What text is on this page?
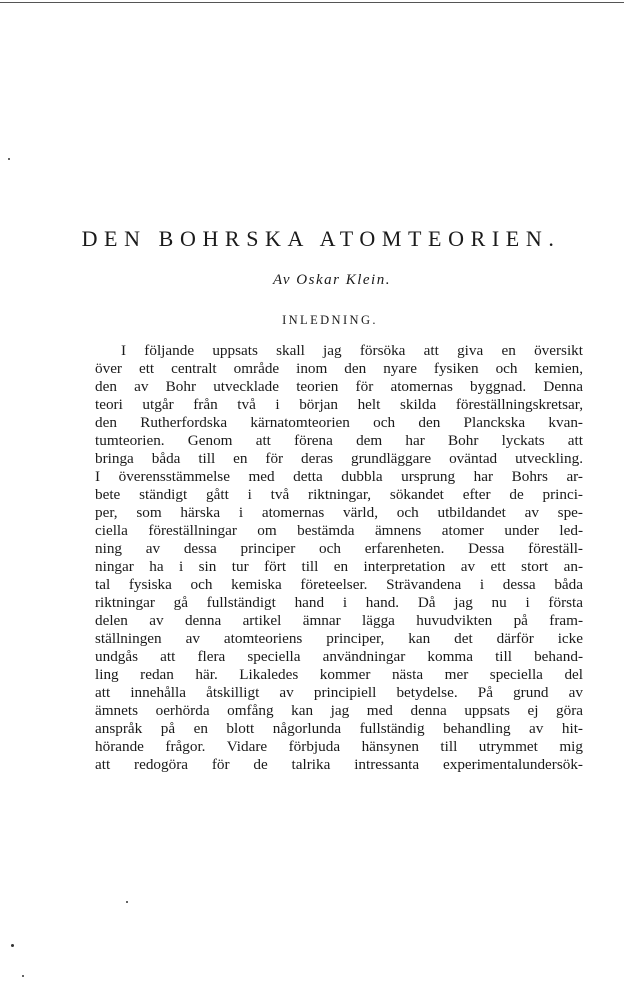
DEN BOHRSKA ATOMTEORIEN.
Av Oskar Klein.
INLEDNING.
I följande uppsats skall jag försöka att giva en översikt
över ett centralt område inom den nyare fysiken och kemien,
den av Bohr utvecklade teorien för atomernas byggnad. Denna
teori utgår från två i början helt skilda föreställningskretsar,
den Rutherfordska kärnatomteorien och den Planckska kvan-
tumteorien. Genom att förena dem har Bohr lyckats att
bringa båda till en för deras grundläggare oväntad utveckling.
I överensstämmelse med detta dubbla ursprung har Bohrs ar-
bete ständigt gått i två riktningar, sökandet efter de princi-
per, som härska i atomernas värld, och utbildandet av spe-
ciella föreställningar om bestämda ämnens atomer under led-
ning av dessa principer och erfarenheten. Dessa föreställ-
ningar ha i sin tur fört till en interpretation av ett stort an-
tal fysiska och kemiska företeelser. Strävandena i dessa båda
riktningar gå fullständigt hand i hand. Då jag nu i första
delen av denna artikel ämnar lägga huvudvikten på fram-
ställningen av atomteoriens principer, kan det därför icke
undgås att flera speciella användningar komma till behand-
ling redan här. Likaledes kommer nästa mer speciella del
att innehålla åtskilligt av principiell betydelse. På grund av
ämnets oerhörda omfång kan jag med denna uppsats ej göra
anspråk på en blott någorlunda fullständig behandling av hit-
hörande frågor. Vidare förbjuda hänsynen till utrymmet mig
att redogöra för de talrika intressanta experimentalundersök-
